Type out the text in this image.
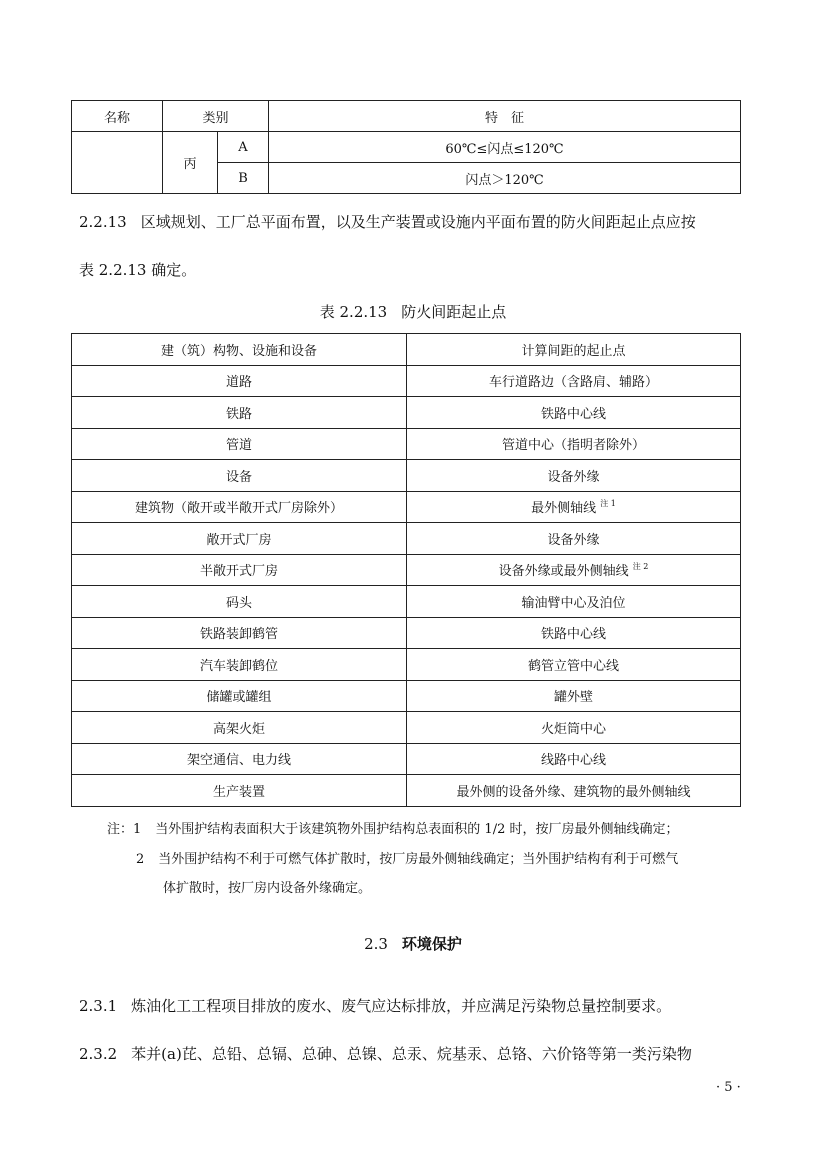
名称	类别		特　征
	丙	A	60℃≤闪点≤120℃
		B	闪点＞120℃
2.2.13 区域规划、工厂总平面布置，以及生产装置或设施内平面布置的防火间距起止点应按
表 2.2.13 确定。
表 2.2.13 防火间距起止点
建（筑）构物、设施和设备	计算间距的起止点
道路	车行道路边（含路肩、辅路）
铁路	铁路中心线
管道	管道中心（指明者除外）
设备	设备外缘
建筑物（敞开或半敞开式厂房除外）	最外侧轴线 $^{注 1}$
敞开式厂房	设备外缘
半敞开式厂房	设备外缘或最外侧轴线 $^{注 2}$
码头	输油臂中心及泊位
铁路装卸鹤管	铁路中心线
汽车装卸鹤位	鹤管立管中心线
储罐或罐组	罐外壁
高架火炬	火炬筒中心
架空通信、电力线	线路中心线
生产装置	最外侧的设备外缘、建筑物的最外侧轴线
注：1 当外围护结构表面积大于该建筑物外围护结构总表面积的 1/2 时，按厂房最外侧轴线确定；
2 当外围护结构不利于可燃气体扩散时，按厂房最外侧轴线确定；当外围护结构有利于可燃气
体扩散时，按厂房内设备外缘确定。
2.3 环境保护
2.3.1 炼油化工工程项目排放的废水、废气应达标排放，并应满足污染物总量控制要求。
2.3.2 苯并(a)芘、总铅、总镉、总砷、总镍、总汞、烷基汞、总铬、六价铬等第一类污染物
· 5 ·
